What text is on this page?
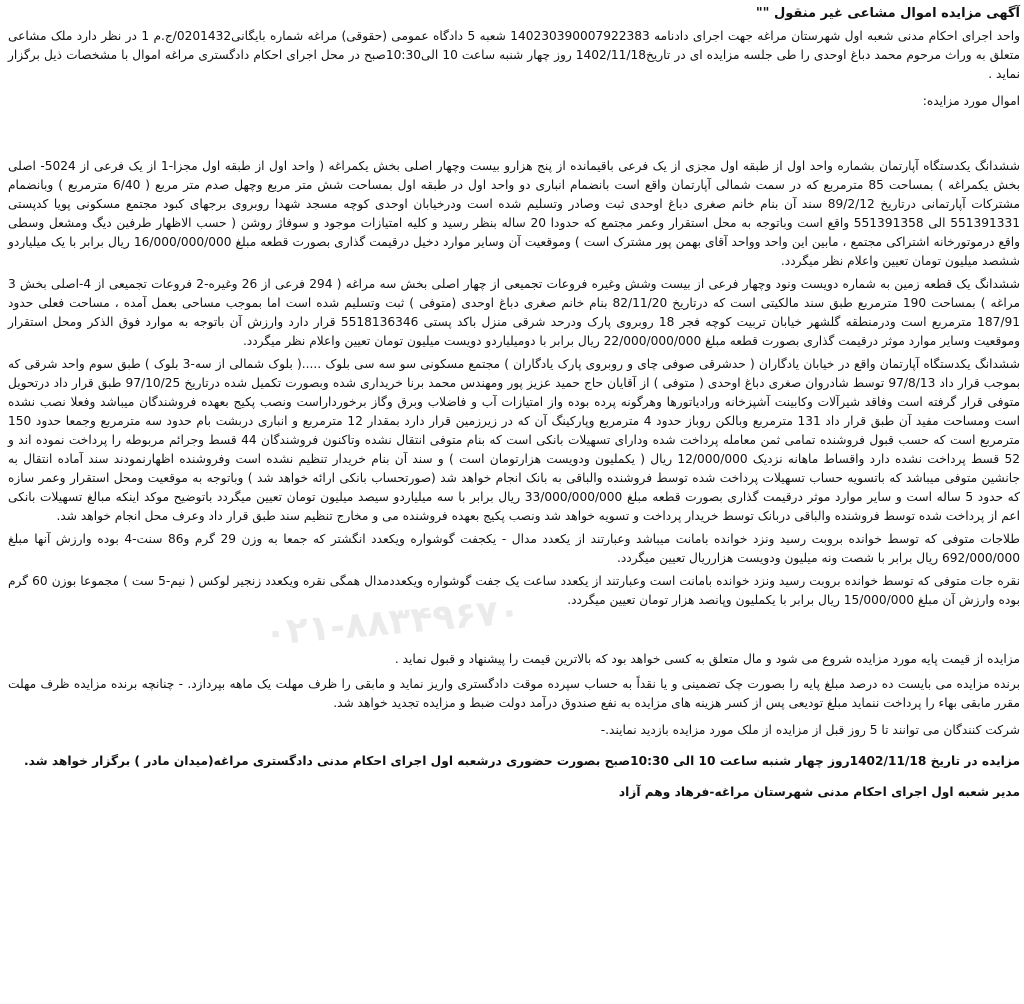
آگهی مزایده اموال مشاعی غیر منقول ""

واحد اجرای احکام مدنی شعبه اول شهرستان مراغه جهت اجرای دادنامه 140230390007922383 شعبه 5 دادگاه عمومی (حقوقی) مراغه شماره بایگانی0201432/ج.م 1 در نظر دارد ملک مشاعی متعلق به وراث مرحوم محمد دباغ اوحدی را طی جلسه مزایده ای در تاریخ1402/11/18 روز چهار شنبه ساعت 10 الی10:30صبح در محل اجرای احکام دادگستری مراغه اموال با مشخصات ذیل برگزار نماید .

اموال مورد مزایده:

ششدانگ یکدستگاه آپارتمان بشماره واحد اول از طبقه اول مجزی از یک فرعی باقیمانده از پنج هزارو بیست وچهار اصلی بخش یکمراغه ( واحد اول از طبقه اول مجزا-1 از یک فرعی از 5024- اصلی بخش یکمراغه ) بمساحت 85 مترمربع که در سمت شمالی آپارتمان واقع است بانضمام انباری دو واحد اول در طبقه اول بمساحت شش متر مربع وچهل صدم متر مربع ( 6/40 مترمربع ) وبانضمام مشترکات آپارتمانی درتاریخ 89/2/12 سند آن بنام خانم صغری دباغ اوحدی ثبت وصادر وتسلیم شده است ودرخیابان اوحدی کوچه مسجد شهدا روبروی برجهای کبود مجتمع مسکونی پویا کدپستی 551391331 الی 551391358 واقع است وباتوجه به محل استقرار وعمر مجتمع که حدودا 20 ساله بنظر رسید و کلیه امتیازات موجود و سوفاژ روشن ( حسب الاظهار طرفین دیگ ومشعل وسطی واقع درموتورخانه اشتراکی مجتمع ، مابین این واحد وواحد آقای بهمن پور مشترک است ) وموقعیت آن وسایر موارد دخیل درقیمت گذاری بصورت قطعه مبلغ 16/000/000/000 ریال برابر با یک میلیاردو ششصد میلیون تومان تعیین واعلام نظر میگردد.

ششدانگ یک قطعه زمین به شماره دویست ونود وچهار فرعی از بیست وشش وغیره فروعات تجمیعی از چهار اصلی بخش سه مراغه ( 294 فرعی از 26 وغیره-2 فروعات تجمیعی از 4-اصلی بخش 3 مراغه ) بمساحت 190 مترمربع طبق سند مالکیتی است که درتاریخ 82/11/20 بنام خانم صغری دباغ اوحدی (متوفی ) ثبت وتسلیم شده است اما بموجب مساحی بعمل آمده ، مساحت فعلی حدود 187/91 مترمربع است ودرمنطقه گلشهر خیابان تربیت کوچه فجر 18 روبروی پارک ودرحد شرقی منزل باکد پستی 5518136346 قرار دارد وارزش آن باتوجه به موارد فوق الذکر ومحل استقرار وموقعیت وسایر موارد موثر درقیمت گذاری بصورت قطعه مبلغ 22/000/000/000 ریال برابر با دومیلیاردو دویست میلیون تومان تعیین واعلام نظر میگردد.

ششدانگ یکدستگاه آپارتمان واقع در خیابان یادگاران ( حدشرقی صوفی چای و روبروی پارک یادگاران ) مجتمع مسکونی سو سه سی بلوک .....( بلوک شمالی از سه-3 بلوک ) طبق سوم واحد شرقی که بموجب قرار داد 97/8/13 توسط شادروان صغری دباغ اوحدی ( متوفی ) از آقایان حاج حمید عزیز پور ومهندس محمد برنا خریداری شده وبصورت تکمیل شده درتاریخ 97/10/25 طبق قرار داد درتحویل متوفی قرار گرفته است وفاقد شیرآلات وکابینت آشپزخانه ورادیاتورها وهرگونه پرده بوده واز امتیازات آب و فاضلاب وبرق وگاز برخورداراست ونصب پکیج بعهده فروشندگان میباشد وفعلا نصب نشده است ومساحت مفید آن طبق قرار داد 131 مترمربع وبالکن روباز حدود 4 مترمربع وپارکینگ آن که در زیرزمین قرار دارد بمقدار 12 مترمربع و انباری دربشت بام حدود سه مترمربع وجمعا حدود 150 مترمربع است که حسب قبول فروشنده تمامی ثمن معامله پرداخت شده ودارای تسهیلات بانکی است که بنام متوفی انتقال نشده وتاکنون فروشندگان 44 قسط وجرائم مربوطه را پرداخت نموده اند و 52 قسط پرداخت نشده دارد واقساط ماهانه نزدیک 12/000/000 ریال ( یکملیون ودویست هزارتومان است ) و سند آن بنام خریدار تنظیم نشده است وفروشنده اظهارنمودند سند آماده انتقال به جانشین متوفی میباشد که باتسویه حساب تسهیلات پرداخت شده توسط فروشنده والباقی به بانک انجام خواهد شد (صورتحساب بانکی ارائه خواهد شد ) وباتوجه به موقعیت ومحل استقرار وعمر سازه که حدود 5 ساله است و سایر موارد موثر درقیمت گذاری بصورت قطعه مبلغ 33/000/000/000 ریال برابر با سه میلیاردو سیصد میلیون تومان تعیین میگردد باتوضیح موکد اینکه مبالغ تسهیلات بانکی اعم از پرداخت شده توسط فروشنده والباقی دربانک توسط خریدار پرداخت و تسویه خواهد شد ونصب پکیج بعهده فروشنده می و مخارج تنظیم سند طبق قرار داد وعرف محل انجام خواهد شد.

طلاجات متوفی که توسط خوانده بروبت رسید ونزد خوانده بامانت میباشد وعبارتند از یکعدد مدال - یکجفت گوشواره ویکعدد انگشتر که جمعا به وزن 29 گرم و86 سنت-4 بوده وارزش آنها مبلغ 692/000/000 ریال برابر با شصت ونه میلیون ودویست هزارریال تعیین میگردد.

نقره جات متوفی که توسط خوانده بروبت رسید ونزد خوانده بامانت است وعبارتند از یکعدد ساعت یک جفت گوشواره ویکعددمدال همگی نقره ویکعدد زنجیر لوکس ( نیم-5 ست ) مجموعا بوزن 60 گرم بوده وارزش آن مبلغ 15/000/000 ریال برابر با یکملیون وپانصد هزار تومان تعیین میگردد.

مزایده از قیمت پایه مورد مزایده شروع می شود و مال متعلق به کسی خواهد بود که بالاترین قیمت را پیشنهاد و قبول نماید .

برنده مزایده می بایست ده درصد مبلغ پایه را بصورت چک تضمینی و یا نقداً به حساب سپرده موقت دادگستری واریز نماید و مابقی را ظرف مهلت یک ماهه بپردازد. - چنانچه برنده مزایده ظرف مهلت مقرر مابقی بهاء را پرداخت ننماید مبلغ تودیعی پس از کسر هزینه های مزایده به نفع صندوق درآمد دولت ضبط و مزایده تجدید خواهد شد.

شرکت کنندگان می توانند تا 5 روز قبل از مزایده از ملک مورد مزایده بازدید نمایند.-

مزایده در تاریخ 1402/11/18روز چهار شنبه ساعت 10 الی 10:30صبح بصورت حضوری درشعبه اول اجرای احکام مدنی دادگستری مراغه(میدان مادر ) برگزار خواهد شد.

مدیر شعبه اول اجرای احکام مدنی شهرستان مراغه-فرهاد وهم آزاد

۰۲۱-۸۸۳۴۹۶۷۰
